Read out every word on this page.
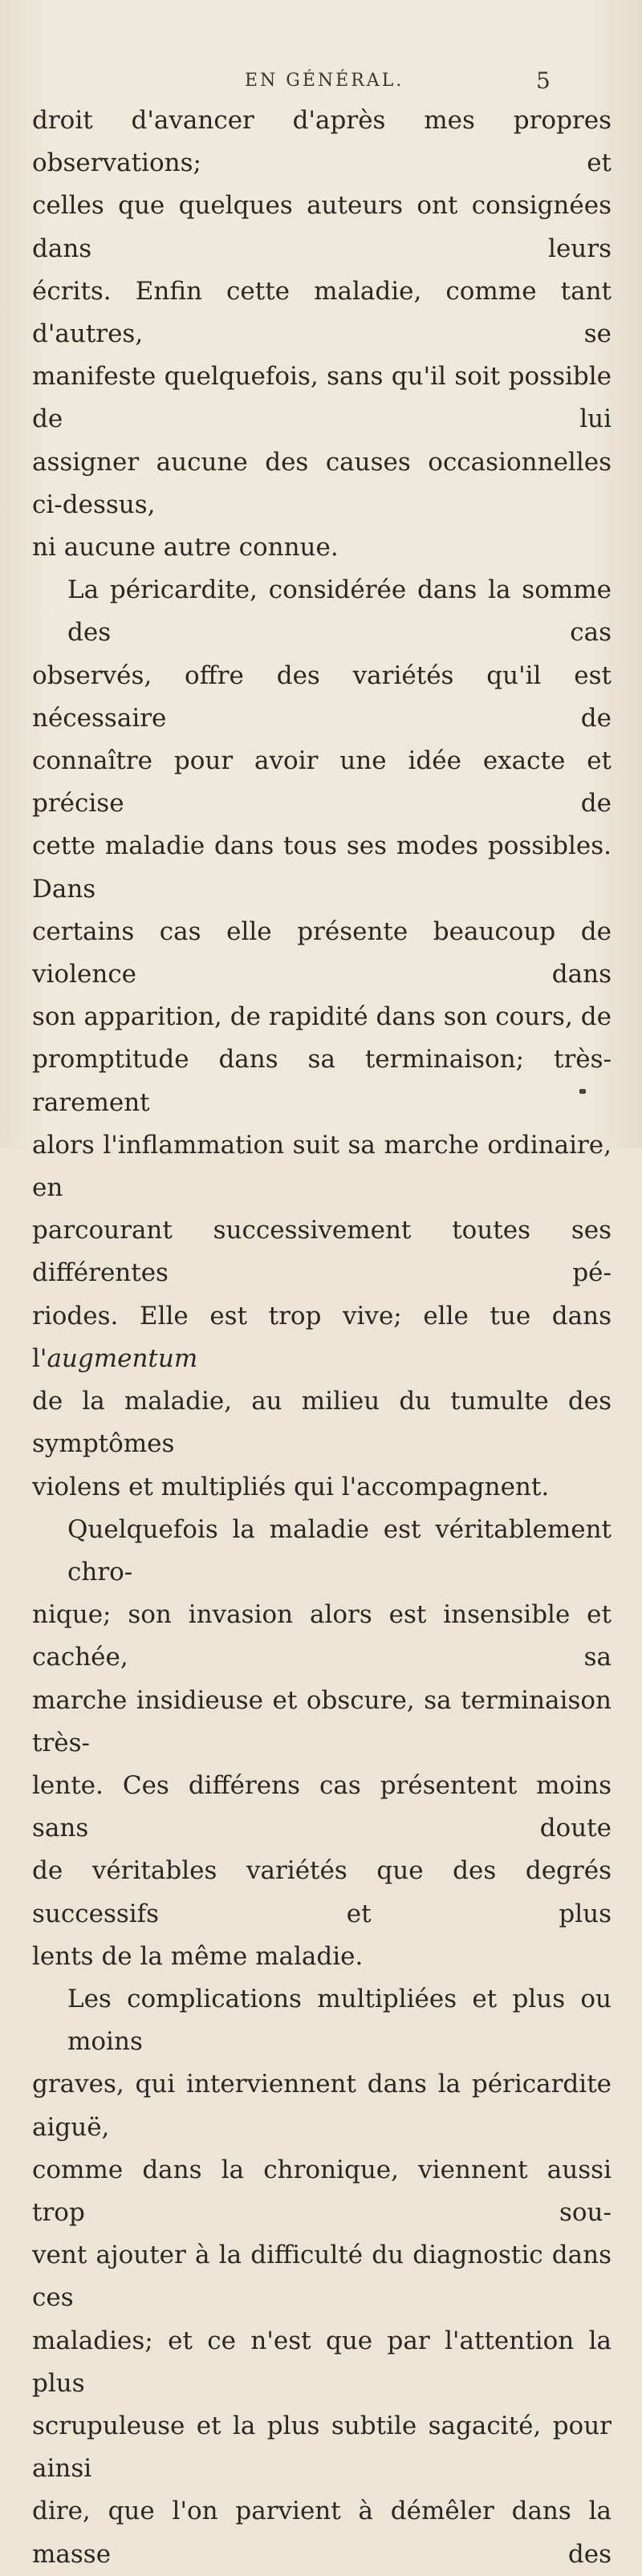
EN GÉNÉRAL.	5
droit d'avancer d'après mes propres observations; et
celles que quelques auteurs ont consignées dans leurs
écrits. Enfin cette maladie, comme tant d'autres, se
manifeste quelquefois, sans qu'il soit possible de lui
assigner aucune des causes occasionnelles ci-dessus,
ni aucune autre connue.
La péricardite, considérée dans la somme des cas
observés, offre des variétés qu'il est nécessaire de
connaître pour avoir une idée exacte et précise de
cette maladie dans tous ses modes possibles. Dans
certains cas elle présente beaucoup de violence dans
son apparition, de rapidité dans son cours, de
promptitude dans sa terminaison; très-rarement
alors l'inflammation suit sa marche ordinaire, en
parcourant successivement toutes ses différentes pé-
riodes. Elle est trop vive; elle tue dans l'augmentum
de la maladie, au milieu du tumulte des symptômes
violens et multipliés qui l'accompagnent.
Quelquefois la maladie est véritablement chro-
nique; son invasion alors est insensible et cachée, sa
marche insidieuse et obscure, sa terminaison très-
lente. Ces différens cas présentent moins sans doute
de véritables variétés que des degrés successifs et plus
lents de la même maladie.
Les complications multipliées et plus ou moins
graves, qui interviennent dans la péricardite aiguë,
comme dans la chronique, viennent aussi trop sou-
vent ajouter à la difficulté du diagnostic dans ces
maladies; et ce n'est que par l'attention la plus
scrupuleuse et la plus subtile sagacité, pour ainsi
dire, que l'on parvient à démêler dans la masse des
